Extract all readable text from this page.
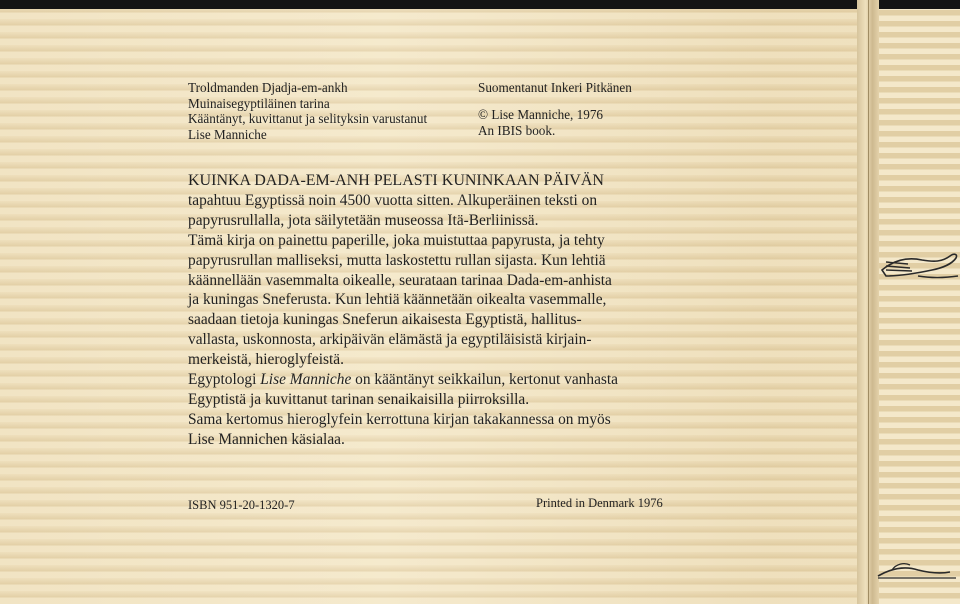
Troldmanden Djadja-em-ankh
Muinaisegyptiläinen tarina
Kääntänyt, kuvittanut ja selityksin varustanut
Lise Manniche
Suomentanut Inkeri Pitkänen
© Lise Manniche, 1976
An IBIS book.

KUINKA DADA-EM-ANH PELASTI KUNINKAAN PÄIVÄN

tapahtuu Egyptissä noin 4500 vuotta sitten. Alkuperäinen teksti on

papyrusrullalla, jota säilytetään museossa Itä-Berliinissä.

Tämä kirja on painettu paperille, joka muistuttaa papyrusta, ja tehty

papyrusrullan malliseksi, mutta laskostettu rullan sijasta. Kun lehtiä

käännellään vasemmalta oikealle, seurataan tarinaa Dada-em-anhista

ja kuningas Sneferusta. Kun lehtiä käännetään oikealta vasemmalle,

saadaan tietoja kuningas Sneferun aikaisesta Egyptistä, hallitus-

vallasta, uskonnosta, arkipäivän elämästä ja egyptiläisistä kirjain-

merkeistä, hieroglyfeistä.

Egyptologi Lise Manniche on kääntänyt seikkailun, kertonut vanhasta

Egyptistä ja kuvittanut tarinan senaikaisilla piirroksilla.

Sama kertomus hieroglyfein kerrottuna kirjan takakannessa on myös

Lise Mannichen käsialaa.

ISBN 951-20-1320-7	Printed in Denmark 1976
